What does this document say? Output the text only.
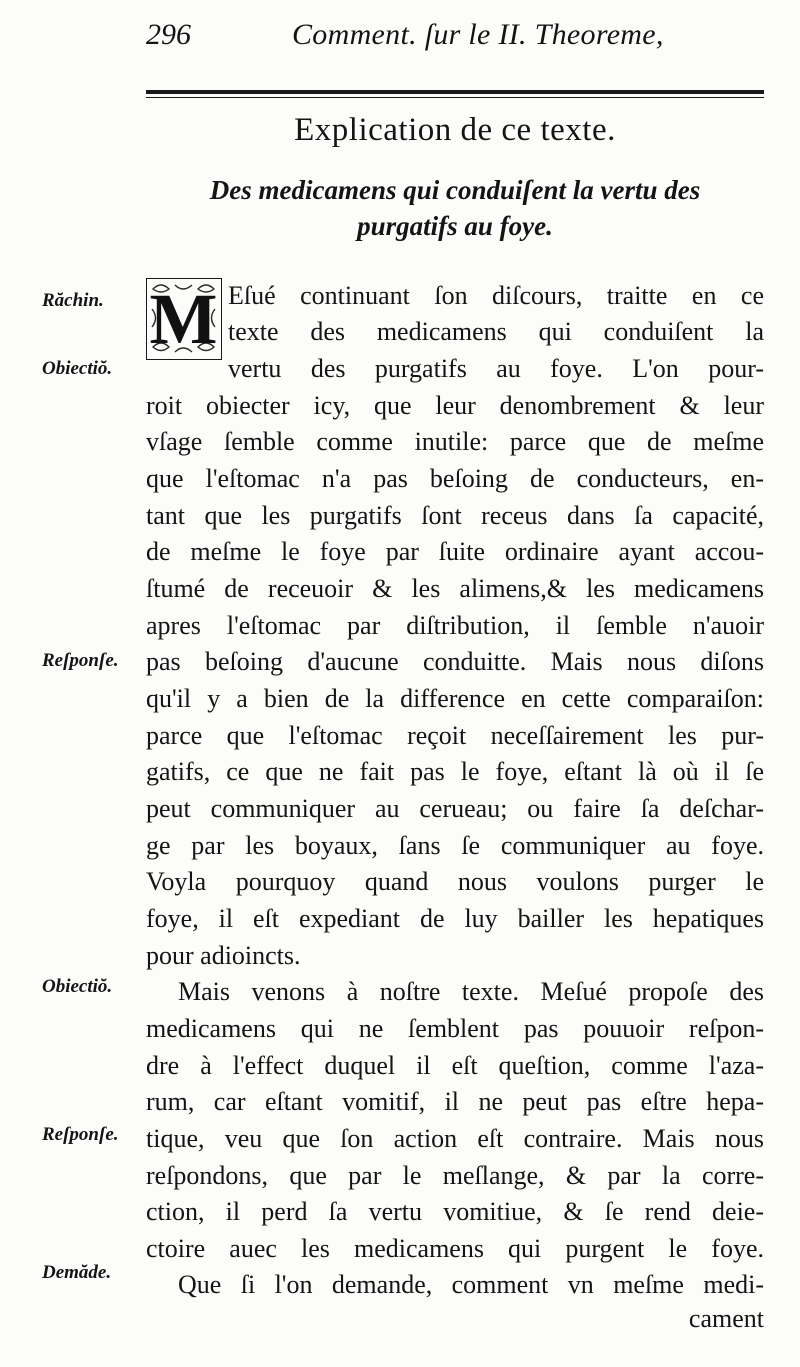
296	Comment. ſur le II. Theoreme,
Explication de ce texte.
Des medicamens qui conduiſent la vertu des
purgatifs au foye.
M
Răchin.
Obiectiŏ.
Reſponſe.
Obiectiŏ.
Reſponſe.
Demăde.
Eſué continuant ſon diſcours, traitte en ce
texte des medicamens qui conduiſent la
vertu des purgatifs au foye. L'on pour-
roit obiecter icy, que leur denombrement & leur
vſage ſemble comme inutile: parce que de meſme
que l'eſtomac n'a pas beſoing de conducteurs, en-
tant que les purgatifs ſont receus dans ſa capacité,
de meſme le foye par ſuite ordinaire ayant accou-
ſtumé de receuoir & les alimens,& les medicamens
apres l'eſtomac par diſtribution, il ſemble n'auoir
pas beſoing d'aucune conduitte. Mais nous diſons
qu'il y a bien de la difference en cette comparaiſon:
parce que l'eſtomac reçoit neceſſairement les pur-
gatifs, ce que ne fait pas le foye, eſtant là où il ſe
peut communiquer au cerueau; ou faire ſa deſchar-
ge par les boyaux, ſans ſe communiquer au foye.
Voyla pourquoy quand nous voulons purger le
foye, il eſt expediant de luy bailler les hepatiques
pour adioincts.
Mais venons à noſtre texte. Meſué propoſe des
medicamens qui ne ſemblent pas pouuoir reſpon-
dre à l'effect duquel il eſt queſtion, comme l'aza-
rum, car eſtant vomitif, il ne peut pas eſtre hepa-
tique, veu que ſon action eſt contraire. Mais nous
reſpondons, que par le meſlange, & par la corre-
ction, il perd ſa vertu vomitiue, & ſe rend deie-
ctoire auec les medicamens qui purgent le foye.
Que ſi l'on demande, comment vn meſme medi-
cament
